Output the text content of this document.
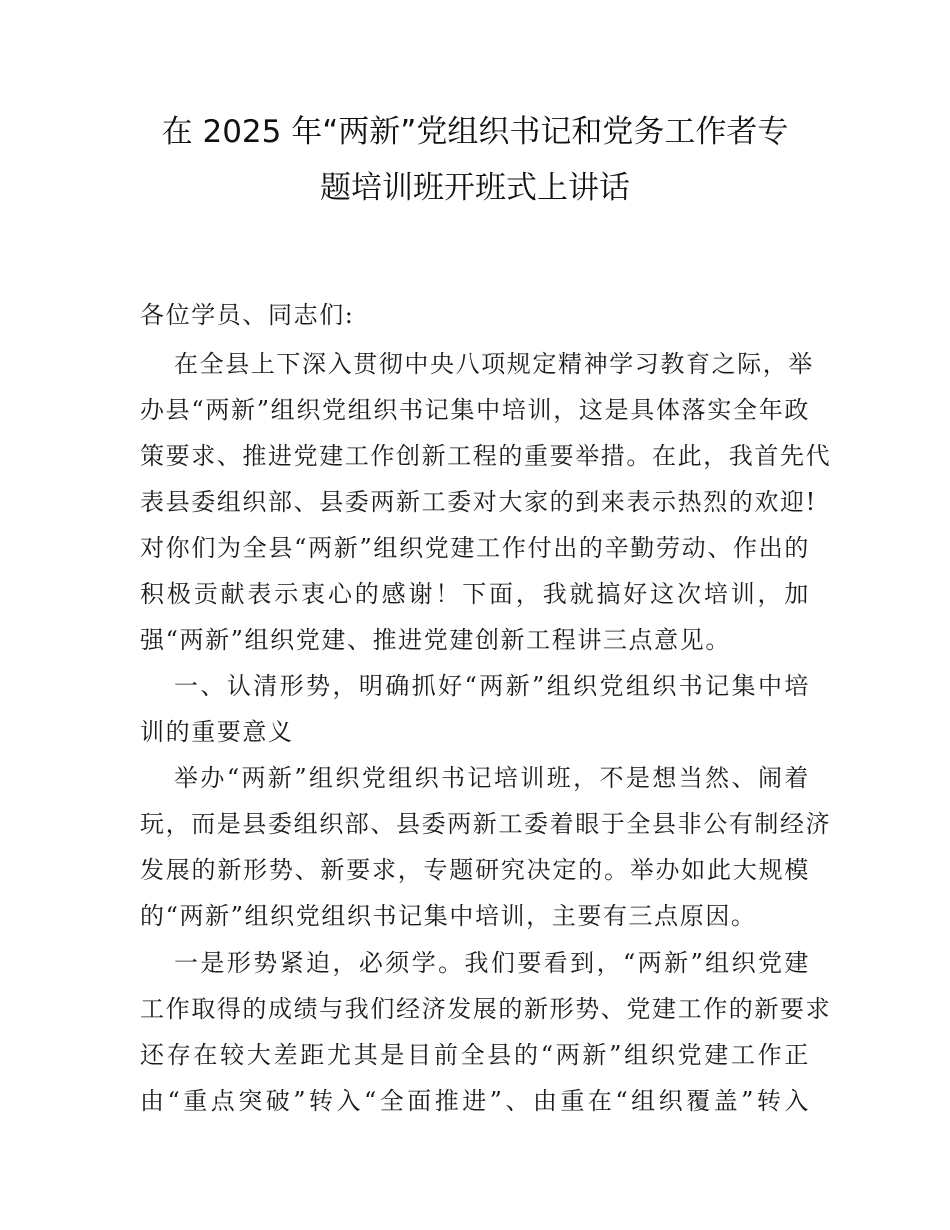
在 2025 年“两新”党组织书记和党务工作者专
题培训班开班式上讲话
各位学员、同志们:
在全县上下深入贯彻中央八项规定精神学习教育之际，举
办县“两新”组织党组织书记集中培训，这是具体落实全年政
策要求、推进党建工作创新工程的重要举措。在此，我首先代
表县委组织部、县委两新工委对大家的到来表示热烈的欢迎!
对你们为全县“两新”组织党建工作付出的辛勤劳动、作出的
积极贡献表示衷心的感谢！下面，我就搞好这次培训，加
强“两新”组织党建、推进党建创新工程讲三点意见。
一、认清形势，明确抓好“两新”组织党组织书记集中培
训的重要意义
举办“两新”组织党组织书记培训班，不是想当然、闹着
玩，而是县委组织部、县委两新工委着眼于全县非公有制经济
发展的新形势、新要求，专题研究决定的。举办如此大规模
的“两新”组织党组织书记集中培训，主要有三点原因。
一是形势紧迫，必须学。我们要看到，“两新”组织党建
工作取得的成绩与我们经济发展的新形势、党建工作的新要求
还存在较大差距尤其是目前全县的“两新”组织党建工作正
由“重点突破”转入“全面推进”、由重在“组织覆盖”转入
